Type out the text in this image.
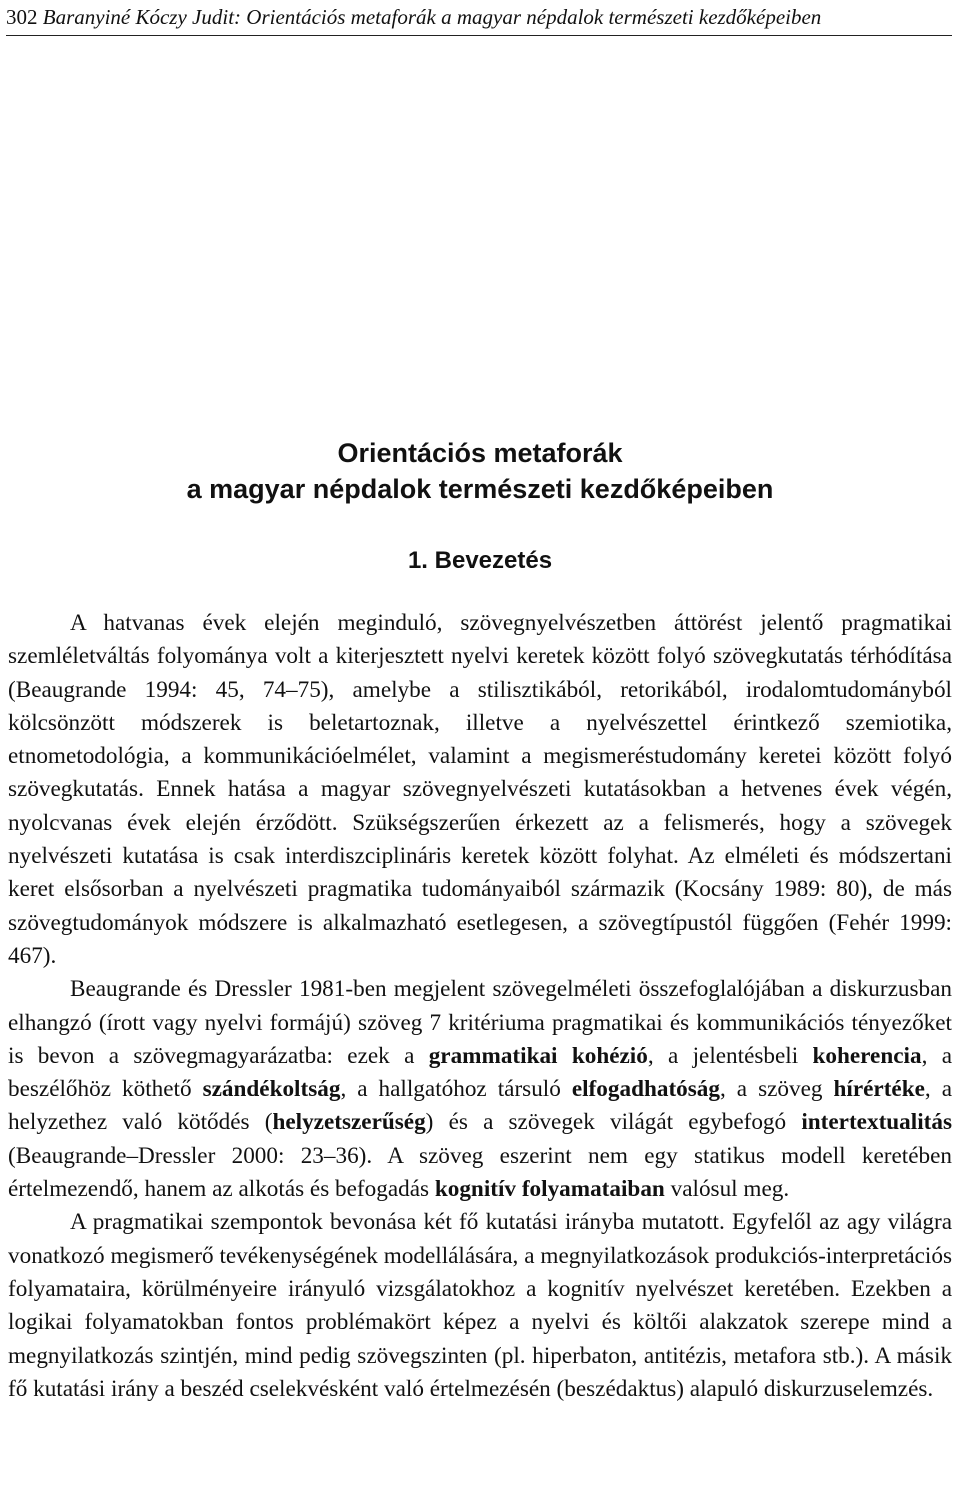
302 Baranyiné Kóczy Judit: Orientációs metaforák a magyar népdalok természeti kezdőképeiben
Orientációs metaforák
a magyar népdalok természeti kezdőképeiben
1. Bevezetés

A hatvanas évek elején meginduló, szövegnyelvészetben áttörést jelentő pragmatikai szemléletváltás folyománya volt a kiterjesztett nyelvi keretek között folyó szövegkutatás térhódítása (Beaugrande 1994: 45, 74–75), amelybe a stilisztikából, retorikából, irodalomtudományból kölcsönzött módszerek is beletartoznak, illetve a nyelvészettel érintkező szemiotika, etnometodológia, a kommunikációelmélet, valamint a megismeréstudomány keretei között folyó szövegkutatás. Ennek hatása a magyar szövegnyelvészeti kutatásokban a hetvenes évek végén, nyolcvanas évek elején érződött. Szükségszerűen érkezett az a felismerés, hogy a szövegek nyelvészeti kutatása is csak interdiszciplináris keretek között folyhat. Az elméleti és módszertani keret elsősorban a nyelvészeti pragmatika tudományaiból származik (Kocsány 1989: 80), de más szövegtudományok módszere is alkalmazható esetlegesen, a szövegtípustól függően (Fehér 1999: 467).

Beaugrande és Dressler 1981-ben megjelent szövegelméleti összefoglalójában a diskurzusban elhangzó (írott vagy nyelvi formájú) szöveg 7 kritériuma pragmatikai és kommunikációs tényezőket is bevon a szövegmagyarázatba: ezek a grammatikai kohézió, a jelentésbeli koherencia, a beszélőhöz köthető szándékoltság, a hallgatóhoz társuló elfogadhatóság, a szöveg hírértéke, a helyzethez való kötődés (helyzetszerűség) és a szövegek világát egybefogó intertextualitás (Beaugrande–Dressler 2000: 23–36). A szöveg eszerint nem egy statikus modell keretében értelmezendő, hanem az alkotás és befogadás kognitív folyamataiban valósul meg.

A pragmatikai szempontok bevonása két fő kutatási irányba mutatott. Egyfelől az agy világra vonatkozó megismerő tevékenységének modellálására, a megnyilatkozások produkciós-interpretációs folyamataira, körülményeire irányuló vizsgálatokhoz a kognitív nyelvészet keretében. Ezekben a logikai folyamatokban fontos problémakört képez a nyelvi és költői alakzatok szerepe mind a megnyilatkozás szintjén, mind pedig szövegszinten (pl. hiperbaton, antitézis, metafora stb.). A másik fő kutatási irány a beszéd cselekvésként való értelmezésén (beszédaktus) alapuló diskurzuselemzés.
